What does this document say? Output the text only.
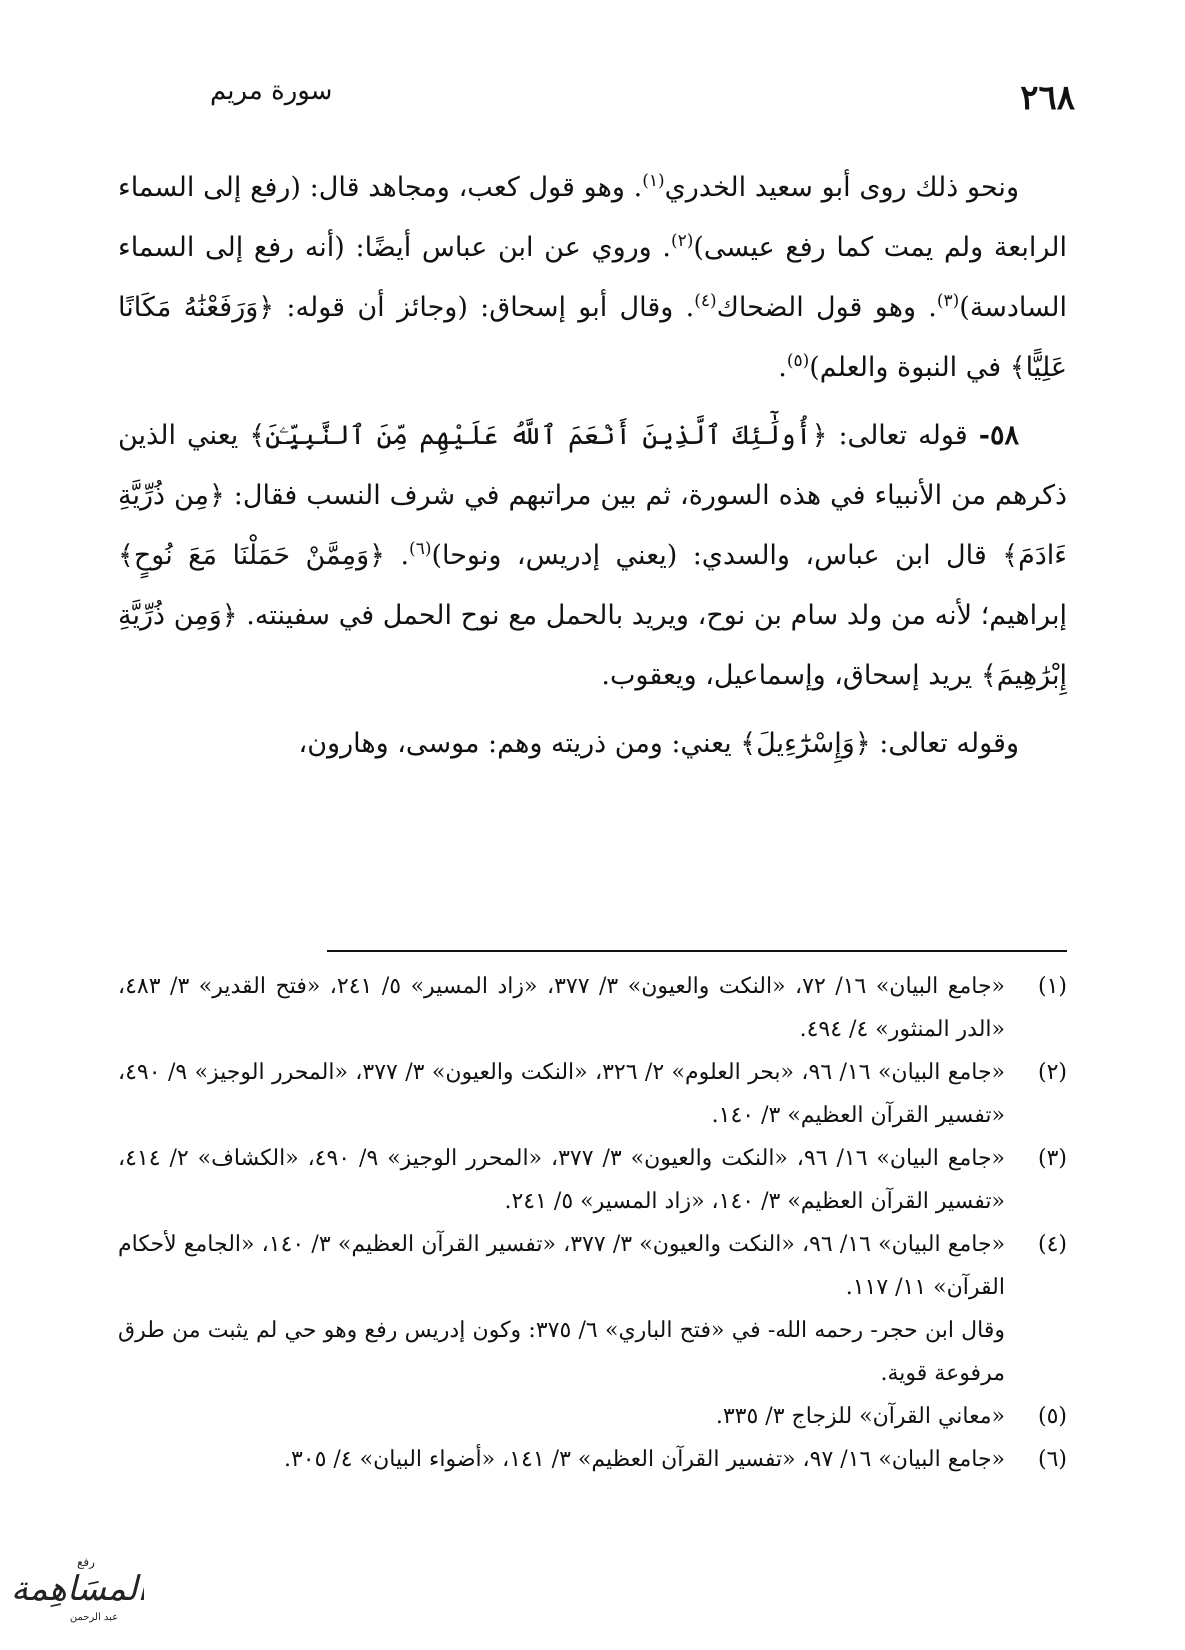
٢٦٨
سورة مريم

ونحو ذلك روى أبو سعيد الخدري$^{(١)}$. وهو قول كعب، ومجاهد قال: (رفع إلى السماء الرابعة ولم يمت كما رفع عيسى)$^{(٢)}$. وروي عن ابن عباس أيضًا: (أنه رفع إلى السماء السادسة)$^{(٣)}$. وهو قول الضحاك$^{(٤)}$. وقال أبو إسحاق: (وجائز أن قوله: ﴿وَرَفَعْنَٰهُ مَكَانًا عَلِيًّا﴾ في النبوة والعلم)$^{(٥)}$.

٥٨- قوله تعالى: ﴿أُولَٰٓئِكَ ٱلَّذِينَ أَنْعَمَ ٱللَّهُ عَلَيْهِم مِّنَ ٱلنَّبِيِّـۧنَ﴾ يعني الذين ذكرهم من الأنبياء في هذه السورة، ثم بين مراتبهم في شرف النسب فقال: ﴿مِن ذُرِّيَّةِ ءَادَمَ﴾ قال ابن عباس، والسدي: (يعني إدريس، ونوحا)$^{(٦)}$. ﴿وَمِمَّنْ حَمَلْنَا مَعَ نُوحٍ﴾ إبراهيم؛ لأنه من ولد سام بن نوح، ويريد بالحمل مع نوح الحمل في سفينته. ﴿وَمِن ذُرِّيَّةِ إِبْرَٰهِيمَ﴾ يريد إسحاق، وإسماعيل، ويعقوب.

وقوله تعالى: ﴿وَإِسْرَٰٓءِيلَ﴾ يعني: ومن ذريته وهم: موسى، وهارون،

(١)
«جامع البيان» ١٦/ ٧٢، «النكت والعيون» ٣/ ٣٧٧، «زاد المسير» ٥/ ٢٤١، «فتح القدير» ٣/ ٤٨٣، «الدر المنثور» ٤/ ٤٩٤.

(٢)
«جامع البيان» ١٦/ ٩٦، «بحر العلوم» ٢/ ٣٢٦، «النكت والعيون» ٣/ ٣٧٧، «المحرر الوجيز» ٩/ ٤٩٠، «تفسير القرآن العظيم» ٣/ ١٤٠.

(٣)
«جامع البيان» ١٦/ ٩٦، «النكت والعيون» ٣/ ٣٧٧، «المحرر الوجيز» ٩/ ٤٩٠، «الكشاف» ٢/ ٤١٤، «تفسير القرآن العظيم» ٣/ ١٤٠، «زاد المسير» ٥/ ٢٤١.

(٤)
«جامع البيان» ١٦/ ٩٦، «النكت والعيون» ٣/ ٣٧٧، «تفسير القرآن العظيم» ٣/ ١٤٠، «الجامع لأحكام القرآن» ١١/ ١١٧.

وقال ابن حجر- رحمه الله- في «فتح الباري» ٦/ ٣٧٥: وكون إدريس رفع وهو حي لم يثبت من طرق مرفوعة قوية.

(٥)
«معاني القرآن» للزجاج ٣/ ٣٣٥.

(٦)
«جامع البيان» ١٦/ ٩٧، «تفسير القرآن العظيم» ٣/ ١٤١، «أضواء البيان» ٤/ ٣٠٥.

رفع
المسَاهِمة
عبد الرحمن
